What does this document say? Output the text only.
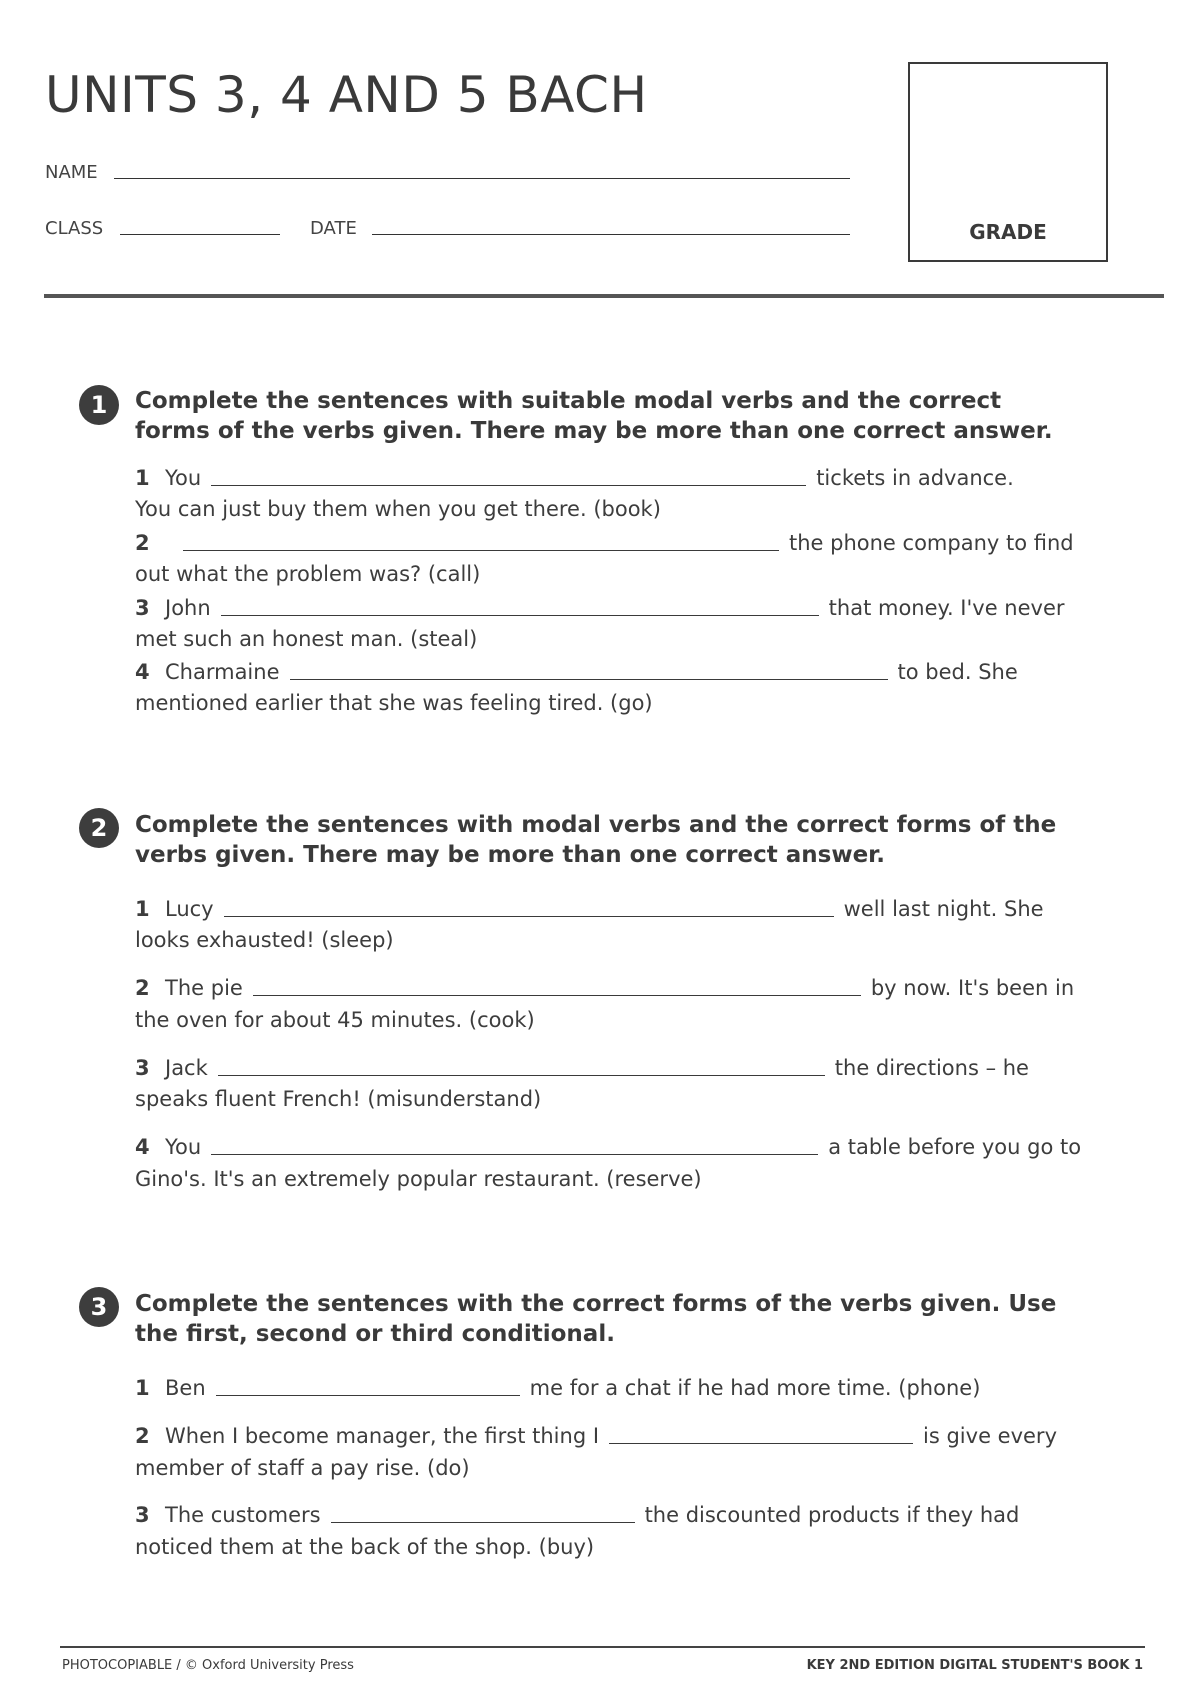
UNITS 3, 4 AND 5 BACH
NAME
CLASS	DATE	GRADE
1	Complete the sentences with suitable modal verbs and the correct
forms of the verbs given. There may be more than one correct answer.
1 You	tickets in advance.
You can just buy them when you get there. (book)
2	the phone company to find
out what the problem was? (call)
3 John	that money. I've never
met such an honest man. (steal)
4 Charmaine	to bed. She
mentioned earlier that she was feeling tired. (go)
2	Complete the sentences with modal verbs and the correct forms of the
verbs given. There may be more than one correct answer.
1 Lucy	well last night. She
looks exhausted! (sleep)
2 The pie	by now. It's been in
the oven for about 45 minutes. (cook)
3 Jack	the directions – he
speaks fluent French! (misunderstand)
4 You	a table before you go to
Gino's. It's an extremely popular restaurant. (reserve)
3	Complete the sentences with the correct forms of the verbs given. Use
the first, second or third conditional.
1 Ben	me for a chat if he had more time. (phone)
2 When I become manager, the first thing I	is give every
member of staff a pay rise. (do)
3 The customers	the discounted products if they had
noticed them at the back of the shop. (buy)
PHOTOCOPIABLE / © Oxford University Press	KEY 2ND EDITION DIGITAL STUDENT'S BOOK 1
